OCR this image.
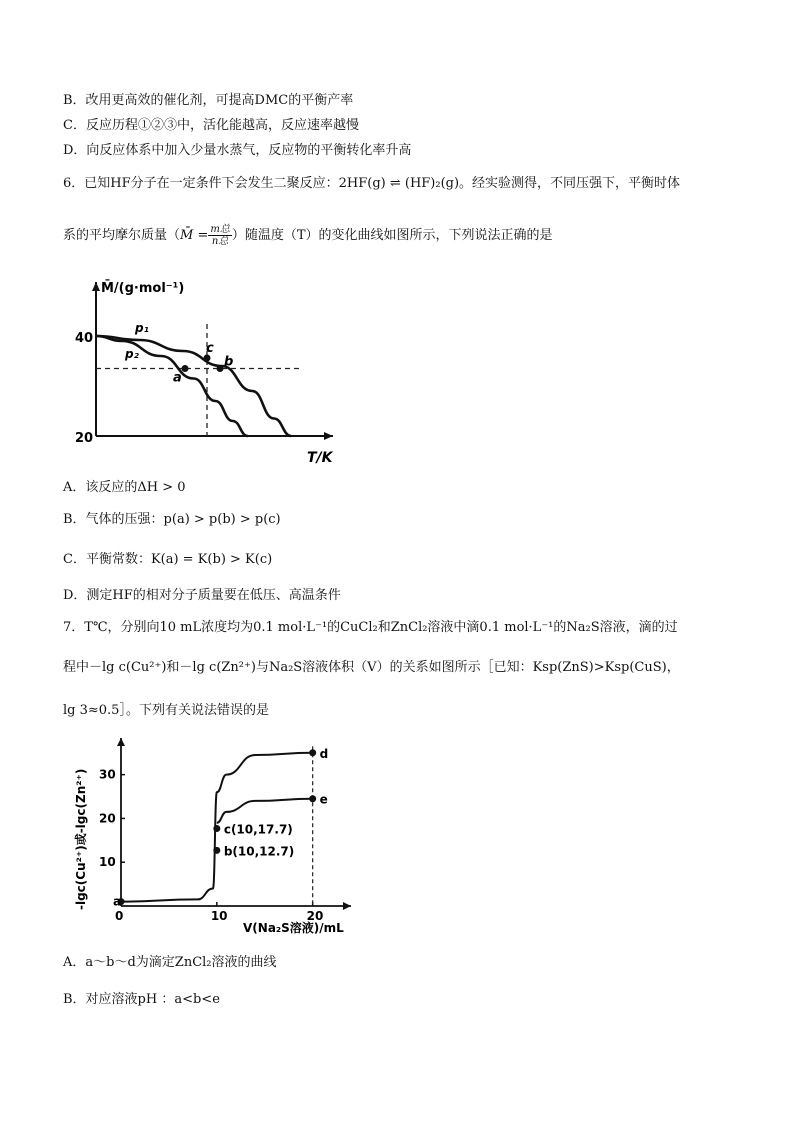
B．改用更高效的催化剂，可提高DMC的平衡产率
C．反应历程①②③中，活化能越高，反应速率越慢
D．向反应体系中加入少量水蒸气，反应物的平衡转化率升高
6．已知HF分子在一定条件下会发生二聚反应：2HF(g) ⇌ (HF)₂(g)。经实验测得，不同压强下，平衡时体
系的平均摩尔质量（M̄ = $\frac{\text{m总}}{\text{n总}}$ ）随温度（T）的变化曲线如图所示，下列说法正确的是
a
b
c
M̄/(g·mol⁻¹)
T/K
40
20
p₁
p₂
A．该反应的ΔH > 0
B．气体的压强：p(a) > p(b) > p(c)
C．平衡常数：K(a) = K(b) > K(c)
D．测定HF的相对分子质量要在低压、高温条件
7．T℃，分别向10 mL浓度均为0.1 mol·L⁻¹的CuCl₂和ZnCl₂溶液中滴0.1 mol·L⁻¹的Na₂S溶液，滴的过
程中－lg c(Cu²⁺)和－lg c(Zn²⁺)与Na₂S溶液体积（V）的关系如图所示［已知：Ksp(ZnS)>Ksp(CuS)，
lg 3≈0.5］。下列有关说法错误的是
0	10	20
10
20
30
a
b(10,12.7)
c(10,17.7)
d
e
-lgc(Cu²⁺)或-lgc(Zn²⁺)
V(Na₂S溶液)/mL
A．a～b～d为滴定ZnCl₂溶液的曲线
B．对应溶液pH ：a<b<e
